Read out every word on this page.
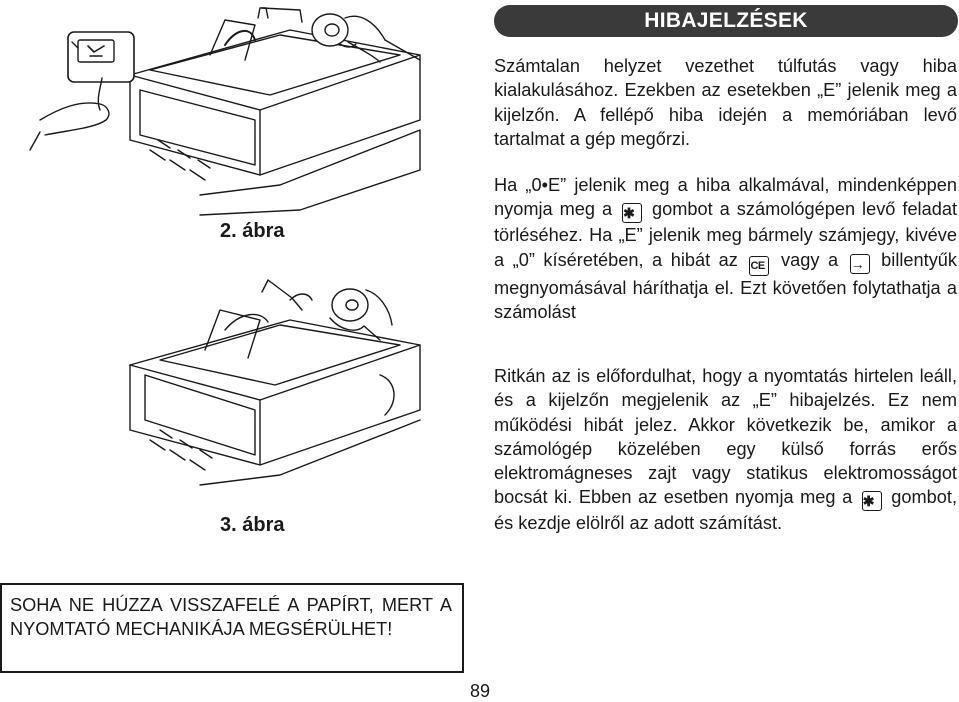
2. ábra
3. ábra
HIBAJELZÉSEK

Számtalan helyzet vezethet túlfutás vagy hiba kialakulásához. Ezekben az esetekben „E” jelenik meg a kijelzőn. A fellépő hiba idején a memóriában levő tartalmat a gép megőrzi.

Ha „0•E” jelenik meg a hiba alkalmával, mindenképpen nyomja meg a ✱ gombot a számológépen levő feladat törléséhez. Ha „E” jelenik meg bármely számjegy, kivéve a „0” kíséretében, a hibát az CE vagy a → billentyűk megnyomásával háríthatja el. Ezt követően folytathatja a számolást

Ritkán az is előfordulhat, hogy a nyomtatás hirtelen leáll, és a kijelzőn megjelenik az „E” hibajelzés. Ez nem működési hibát jelez. Akkor következik be, amikor a számológép közelében egy külső forrás erős elektromágneses zajt vagy statikus elektromosságot bocsát ki. Ebben az esetben nyomja meg a ✱ gombot, és kezdje elölről az adott számítást.

SOHA NE HÚZZA VISSZAFELÉ A PAPÍRT, MERT A NYOMTATÓ MECHANIKÁJA MEGSÉRÜLHET!
89
